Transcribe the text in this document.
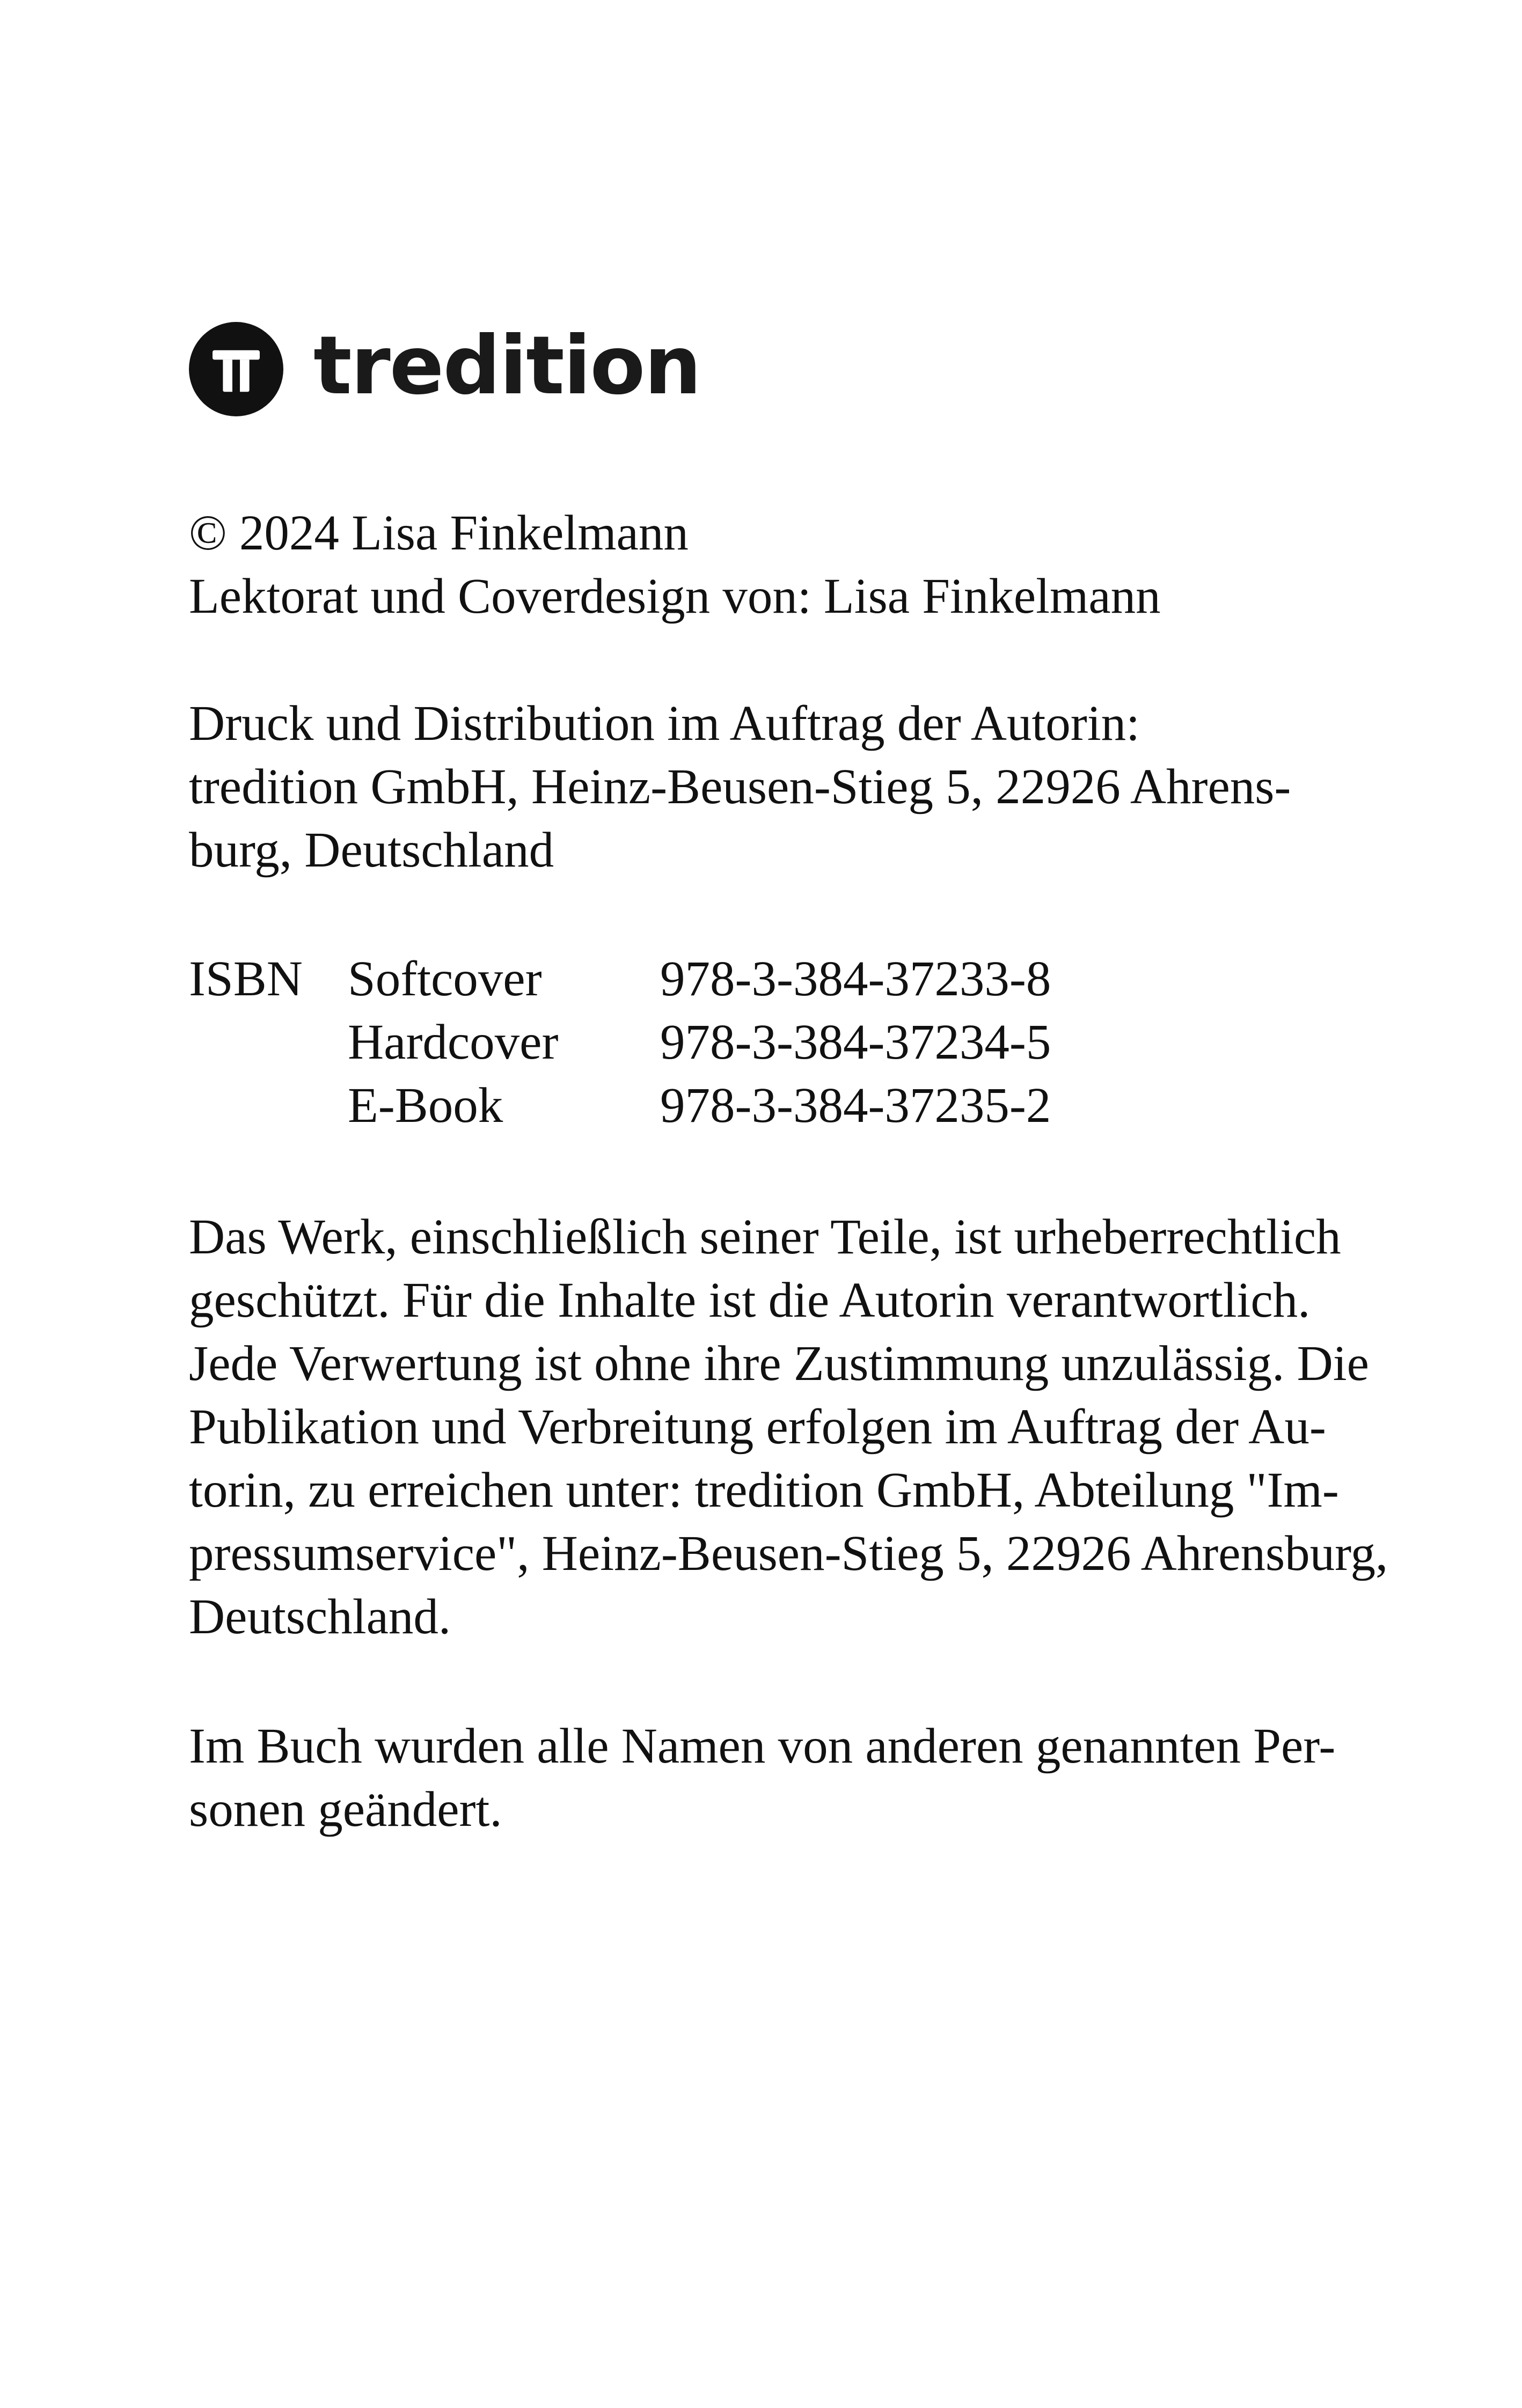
tredition
© 2024 Lisa Finkelmann
Lektorat und Coverdesign von: Lisa Finkelmann
Druck und Distribution im Auftrag der Autorin:
tredition GmbH, Heinz-Beusen-Stieg 5, 22926 Ahrens-
burg, Deutschland
ISBN Softcover 978-3-384-37233-8
Hardcover 978-3-384-37234-5
E-Book	978-3-384-37235-2
Das Werk, einschließlich seiner Teile, ist urheberrechtlich
geschützt. Für die Inhalte ist die Autorin verantwortlich.
Jede Verwertung ist ohne ihre Zustimmung unzulässig. Die
Publikation und Verbreitung erfolgen im Auftrag der Au-
torin, zu erreichen unter: tredition GmbH, Abteilung "Im-
pressumservice", Heinz-Beusen-Stieg 5, 22926 Ahrensburg,
Deutschland.
Im Buch wurden alle Namen von anderen genannten Per-
sonen geändert.
